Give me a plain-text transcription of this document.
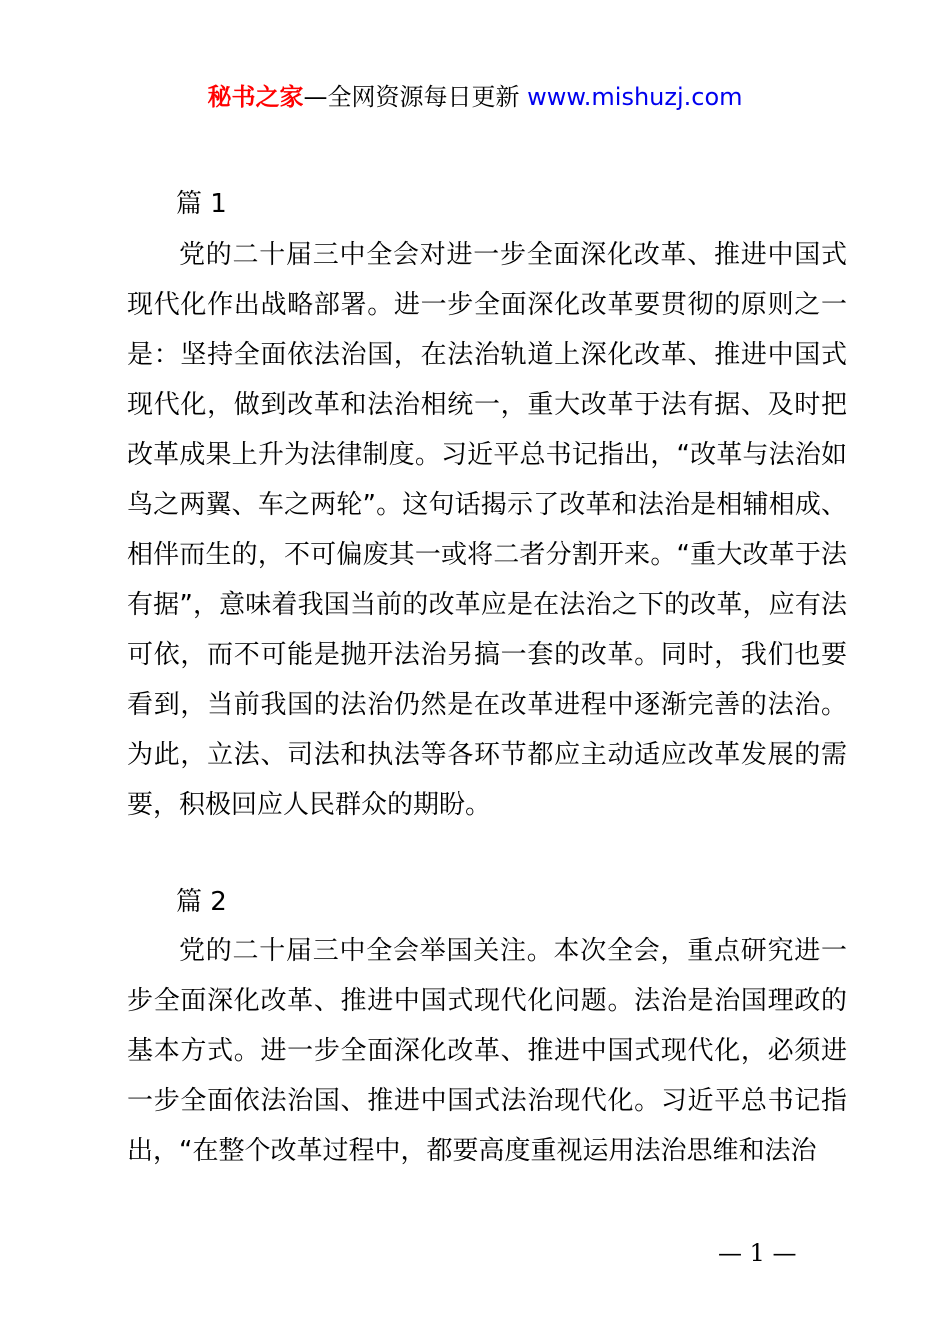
秘书之家—全网资源每日更新 www.mishuzj.com
篇 1

党的二十届三中全会对进一步全面深化改革、推进中国式现代化作出战略部署。进一步全面深化改革要贯彻的原则之一是：坚持全面依法治国，在法治轨道上深化改革、推进中国式现代化，做到改革和法治相统一，重大改革于法有据、及时把改革成果上升为法律制度。习近平总书记指出，“改革与法治如鸟之两翼、车之两轮”。这句话揭示了改革和法治是相辅相成、相伴而生的，不可偏废其一或将二者分割开来。“重大改革于法有据”，意味着我国当前的改革应是在法治之下的改革，应有法可依，而不可能是抛开法治另搞一套的改革。同时，我们也要看到，当前我国的法治仍然是在改革进程中逐渐完善的法治。为此，立法、司法和执法等各环节都应主动适应改革发展的需要，积极回应人民群众的期盼。

篇 2

党的二十届三中全会举国关注。本次全会，重点研究进一步全面深化改革、推进中国式现代化问题。法治是治国理政的基本方式。进一步全面深化改革、推进中国式现代化，必须进一步全面依法治国、推进中国式法治现代化。习近平总书记指出，“在整个改革过程中，都要高度重视运用法治思维和法治

— 1 —
